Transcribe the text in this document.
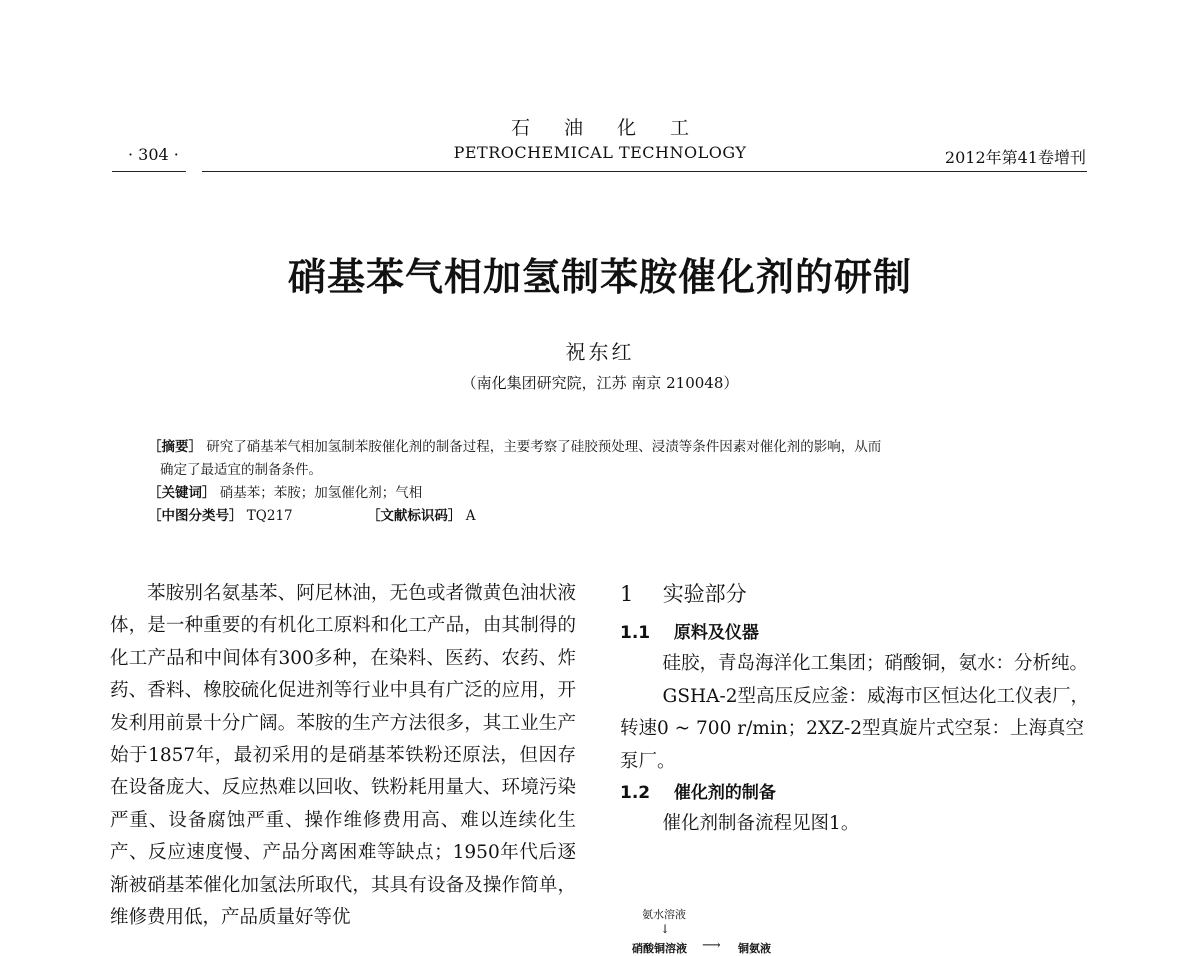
石油化工
PETROCHEMICAL TECHNOLOGY
· 304 ·	2012年第41卷增刊
硝基苯气相加氢制苯胺催化剂的研制
祝东红
（南化集团研究院，江苏 南京 210048）
［摘要］ 研究了硝基苯气相加氢制苯胺催化剂的制备过程，主要考察了硅胶预处理、浸渍等条件因素对催化剂的影响，从而
确定了最适宜的制备条件。
［关键词］ 硝基苯；苯胺；加氢催化剂；气相
［中图分类号］ TQ217	［文献标识码］ A

苯胺别名氨基苯、阿尼林油，无色或者微黄色油状液体，是一种重要的有机化工原料和化工产品，由其制得的化工产品和中间体有300多种，在染料、医药、农药、炸药、香料、橡胶硫化促进剂等行业中具有广泛的应用，开发利用前景十分广阔。苯胺的生产方法很多，其工业生产始于1857年，最初采用的是硝基苯铁粉还原法，但因存在设备庞大、反应热难以回收、铁粉耗用量大、环境污染严重、设备腐蚀严重、操作维修费用高、难以连续化生产、反应速度慢、产品分离困难等缺点；1950年代后逐渐被硝基苯催化加氢法所取代，其具有设备及操作简单，维修费用低，产品质量好等优

1 实验部分
1.1 原料及仪器

硅胶，青岛海洋化工集团；硝酸铜，氨水：分析纯。

GSHA-2型高压反应釜：威海市区恒达化工仪表厂，转速0 ~ 700 r/min；2XZ-2型真旋片式空泵：上海真空泵厂。

1.2 催化剂的制备

催化剂制备流程见图1。

氨水溶液
↓
硝酸铜溶液 ⟶ 铜氨液
